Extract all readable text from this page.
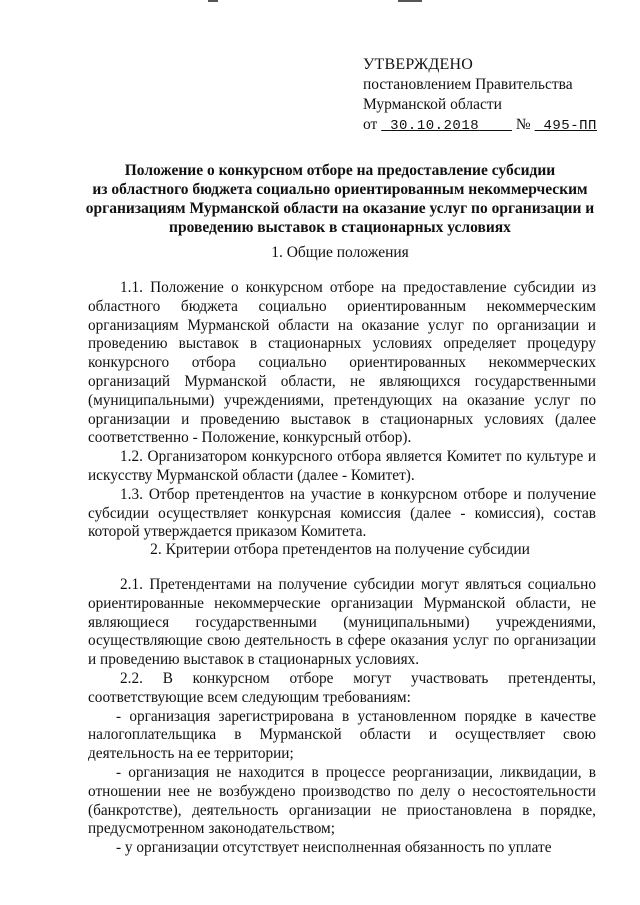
УТВЕРЖДЕНО
постановлением Правительства
Мурманской области
от 30.10.2018 № 495-ПП
Положение о конкурсном отборе на предоставление субсидии
из областного бюджета социально ориентированным некоммерческим
организациям Мурманской области на оказание услуг по организации и
проведению выставок в стационарных условиях
1. Общие положения

1.1. Положение о конкурсном отборе на предоставление субсидии из областного бюджета социально ориентированным некоммерческим организациям Мурманской области на оказание услуг по организации и проведению выставок в стационарных условиях определяет процедуру конкурсного отбора социально ориентированных некоммерческих организаций Мурманской области, не являющихся государственными (муниципальными) учреждениями, претендующих на оказание услуг по организации и проведению выставок в стационарных условиях (далее соответственно - Положение, конкурсный отбор).

1.2. Организатором конкурсного отбора является Комитет по культуре и искусству Мурманской области (далее - Комитет).

1.3. Отбор претендентов на участие в конкурсном отборе и получение субсидии осуществляет конкурсная комиссия (далее - комиссия), состав которой утверждается приказом Комитета.

2. Критерии отбора претендентов на получение субсидии

2.1. Претендентами на получение субсидии могут являться социально ориентированные некоммерческие организации Мурманской области, не являющиеся государственными (муниципальными) учреждениями, осуществляющие свою деятельность в сфере оказания услуг по организации и проведению выставок в стационарных условиях.

2.2. В конкурсном отборе могут участвовать претенденты, соответствующие всем следующим требованиям:

- организация зарегистрирована в установленном порядке в качестве налогоплательщика в Мурманской области и осуществляет свою деятельность на ее территории;

- организация не находится в процессе реорганизации, ликвидации, в отношении нее не возбуждено производство по делу о несостоятельности (банкротстве), деятельность организации не приостановлена в порядке, предусмотренном законодательством;

- у организации отсутствует неисполненная обязанность по уплате
